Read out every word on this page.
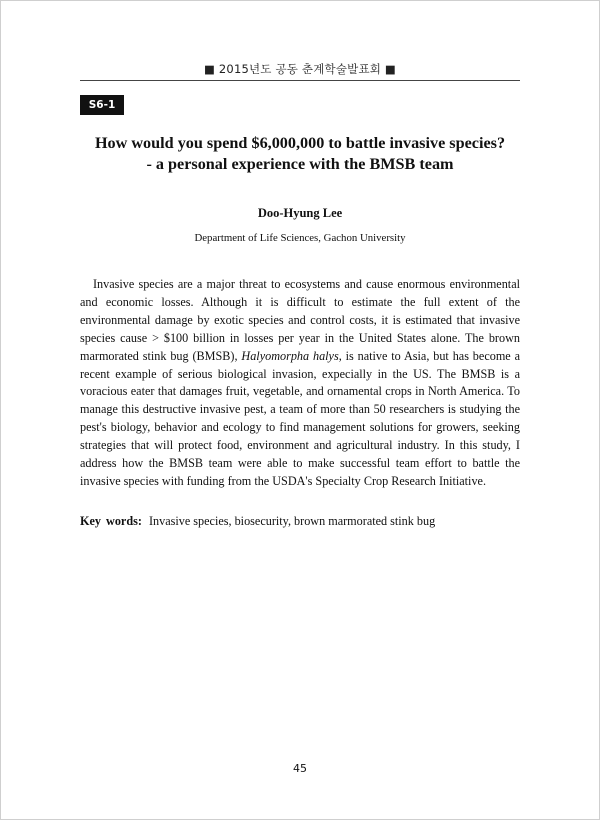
■ 2015년도 공동 춘계학술발표회 ■
S6-1
How would you spend $6,000,000 to battle invasive species?
- a personal experience with the BMSB team
Doo-Hyung Lee
Department of Life Sciences, Gachon University
Invasive species are a major threat to ecosystems and cause enormous environmental and economic losses. Although it is difficult to estimate the full extent of the environmental damage by exotic species and control costs, it is estimated that invasive species cause > $100 billion in losses per year in the United States alone. The brown marmorated stink bug (BMSB), Halyomorpha halys, is native to Asia, but has become a recent example of serious biological invasion, expecially in the US. The BMSB is a voracious eater that damages fruit, vegetable, and ornamental crops in North America. To manage this destructive invasive pest, a team of more than 50 researchers is studying the pest's biology, behavior and ecology to find management solutions for growers, seeking strategies that will protect food, environment and agricultural industry. In this study, I address how the BMSB team were able to make successful team effort to battle the invasive species with funding from the USDA's Specialty Crop Research Initiative.
Key words: Invasive species, biosecurity, brown marmorated stink bug
45
